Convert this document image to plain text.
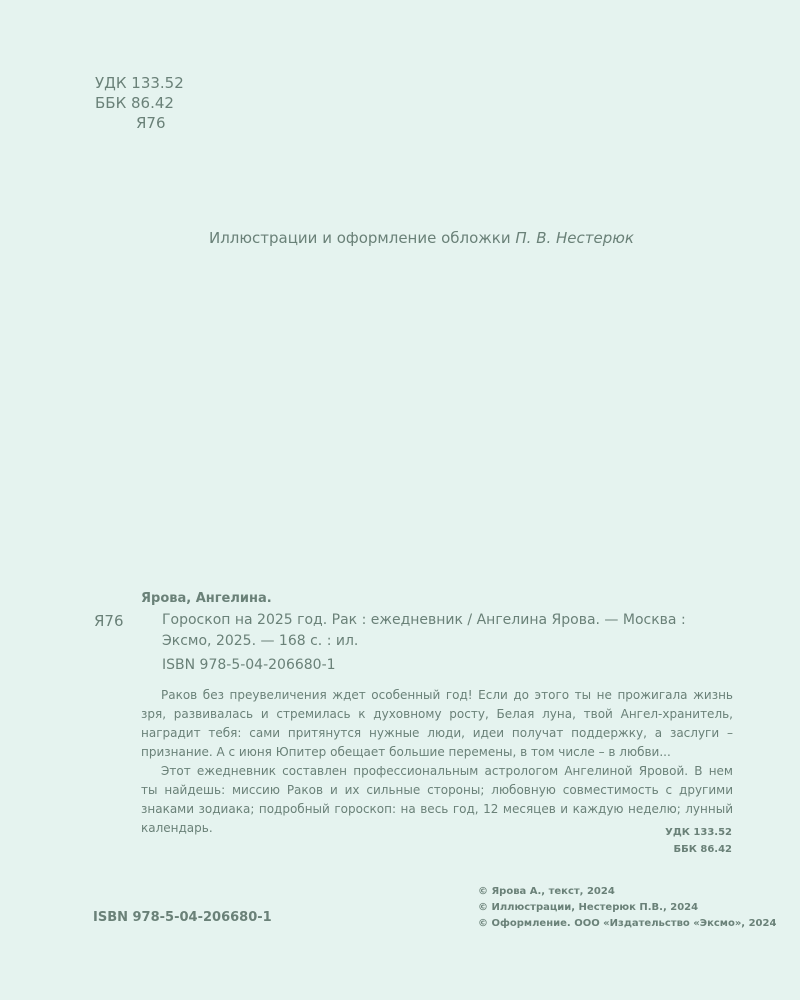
УДК 133.52
ББК 86.42
Я76
Иллюстрации и оформление обложки П. В. Нестерюк
Ярова, Ангелина.
Я76	Гороскоп на 2025 год. Рак : ежедневник / Ангелина Ярова. — Москва : Эксмо, 2025. — 168 с. : ил.
ISBN 978-5-04-206680-1

Раков без преувеличения ждет особенный год! Если до этого ты не прожигала жизнь зря, развивалась и стремилась к духовному росту, Белая луна, твой Ангел-хранитель, наградит тебя: сами притянутся нужные люди, идеи получат поддержку, а заслуги – признание. А с июня Юпитер обещает большие перемены, в том числе – в любви...

Этот ежедневник составлен профессиональным астрологом Ангелиной Яровой. В нем ты найдешь: миссию Раков и их сильные стороны; любовную совместимость с другими знаками зодиака; подробный гороскоп: на весь год, 12 месяцев и каждую неделю; лунный календарь.	УДК 133.52
ББК 86.42
ISBN 978-5-04-206680-1
© Ярова А., текст, 2024
© Иллюстрации, Нестерюк П.В., 2024
© Оформление. ООО «Издательство «Эксмо», 2024
